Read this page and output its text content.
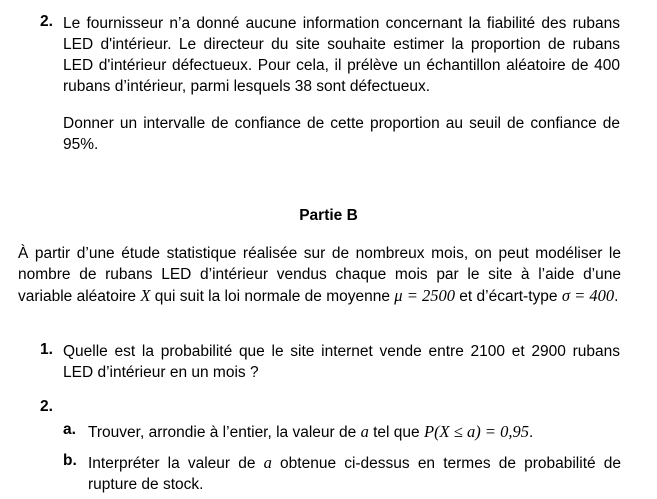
2. Le fournisseur n’a donné aucune information concernant la fiabilité des rubans LED d'intérieur. Le directeur du site souhaite estimer la proportion de rubans LED d'intérieur défectueux. Pour cela, il prélève un échantillon aléatoire de 400 rubans d’intérieur, parmi lesquels 38 sont défectueux.
Donner un intervalle de confiance de cette proportion au seuil de confiance de 95%.
Partie B
À partir d’une étude statistique réalisée sur de nombreux mois, on peut modéliser le nombre de rubans LED d’intérieur vendus chaque mois par le site à l’aide d’une variable aléatoire X qui suit la loi normale de moyenne μ = 2500 et d’écart-type σ = 400.
1. Quelle est la probabilité que le site internet vende entre 2100 et 2900 rubans LED d’intérieur en un mois ?
2.
a. Trouver, arrondie à l’entier, la valeur de a tel que P(X ≤ a) = 0,95.
b. Interpréter la valeur de a obtenue ci-dessus en termes de probabilité de rupture de stock.
